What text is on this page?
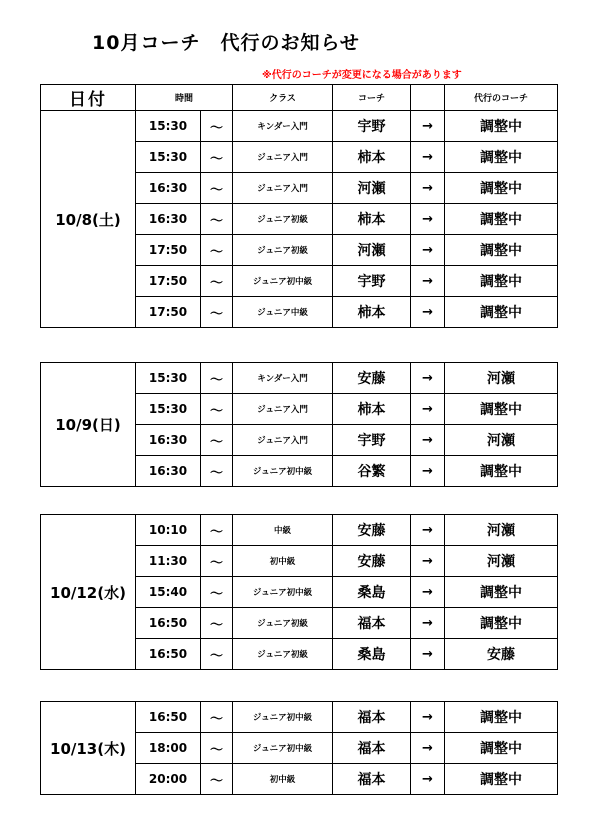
10月コーチ　代行のお知らせ
※代行のコーチが変更になる場合があります
日付	時間		クラス	コーチ		代行のコーチ
10/8(土)	15:30	～	キンダー入門	宇野	→	調整中
	15:30	～	ジュニア入門	柿本	→	調整中
	16:30	～	ジュニア入門	河瀬	→	調整中
	16:30	～	ジュニア初級	柿本	→	調整中
	17:50	～	ジュニア初級	河瀬	→	調整中
	17:50	～	ジュニア初中級	宇野	→	調整中
	17:50	～	ジュニア中級	柿本	→	調整中
10/9(日)	15:30	～	キンダー入門	安藤	→	河瀬
	15:30	～	ジュニア入門	柿本	→	調整中
	16:30	～	ジュニア入門	宇野	→	河瀬
	16:30	～	ジュニア初中級	谷繁	→	調整中
10/12(水)	10:10	～	中級	安藤	→	河瀬
	11:30	～	初中級	安藤	→	河瀬
	15:40	～	ジュニア初中級	桑島	→	調整中
	16:50	～	ジュニア初級	福本	→	調整中
	16:50	～	ジュニア初級	桑島	→	安藤
10/13(木)	16:50	～	ジュニア初中級	福本	→	調整中
	18:00	～	ジュニア初中級	福本	→	調整中
	20:00	～	初中級	福本	→	調整中
